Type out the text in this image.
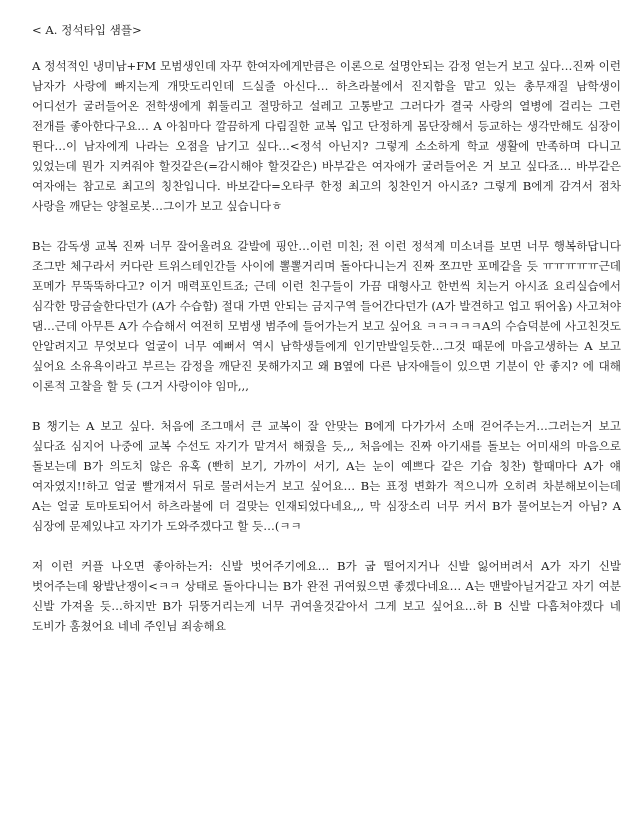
< A. 정석타입 샘플>

A 정석적인 냉미남+FM 모범생인데 자꾸 한여자에게만큼은 이론으로 설명안되는 감정 얻는거 보고 싶다…진짜 이런 남자가 사랑에 빠지는게 개맛도리인데 드실줄 아신다… 하츠라불에서 진지함을 맡고 있는 총무재질 남학생이 어디선가 굴러들어온 전학생에게 휘둘리고 절망하고 설레고 고통받고 그러다가 결국 사랑의 열병에 걸리는 그런 전개를 좋아한다구요… A 아침마다 깔끔하게 다림질한 교복 입고 단정하게 몸단장해서 등교하는 생각만해도 심장이 뛴다…이 남자에게 나라는 오점을 남기고 싶다…<정석 아닌지? 그렇게 소소하게 학교 생활에 만족하며 다니고 있었는데 뭔가 지켜줘야 할것같은(=감시해야 할것같은) 바부같은 여자애가 굴러들어온 거 보고 싶다죠… 바부같은 여자애는 참고로 최고의 칭찬입니다. 바보같다=오타쿠 한정 최고의 칭찬인거 아시죠? 그렇게 B에게 감겨서 점차 사랑을 깨닫는 양철로봇…그이가 보고 싶습니다ㅎ

B는 감독생 교복 진짜 너무 잘어울려요 갈발에 핑안…이런 미친; 전 이런 정석계 미소녀를 보면 너무 행복하답니다 조그만 체구라서 커다란 트위스테인간들 사이에 뽈뽈거리며 돌아다니는거 진짜 쪼끄만 포메같을 듯 ㅠㅠㅠㅠㅠ근데 포메가 무뚝뚝하다고? 이거 매력포인트죠; 근데 이런 친구들이 가끔 대형사고 한번씩 치는거 아시죠 요리실습에서 심각한 망금술한다던가 (A가 수습함) 절대 가면 안되는 금지구역 들어간다던가 (A가 발견하고 업고 뛰어옴) 사고쳐야 댐…근데 아무튼 A가 수습해서 여전히 모범생 범주에 들어가는거 보고 싶어요 ㅋㅋㅋㅋㅋA의 수습덕분에 사고친것도 안알려지고 무엇보다 얼굴이 너무 예뻐서 역시 남학생들에게 인기만발일듯한…그것 때문에 마음고생하는 A 보고 싶어요 소유욕이라고 부르는 감정을 깨닫진 못해가지고 왜 B옆에 다른 남자애들이 있으면 기분이 안 좋지? 에 대해 이론적 고찰을 할 듯 (그거 사랑이야 임마,,,

B 챙기는 A 보고 싶다. 처음에 조그매서 큰 교복이 잘 안맞는 B에게 다가가서 소매 걷어주는거…그러는거 보고 싶다죠 심지어 나중에 교복 수선도 자기가 맡겨서 해줬을 듯,,, 처음에는 진짜 아기새를 돌보는 어미새의 마음으로 돌보는데 B가 의도치 않은 유혹 (빤히 보기, 가까이 서기, A는 눈이 예쁘다 같은 기습 칭찬) 할때마다 A가 얘 여자였지!!하고 얼굴 빨개져서 뒤로 물러서는거 보고 싶어요… B는 표정 변화가 적으니까 오히려 차분해보이는데 A는 얼굴 토마토되어서 하츠라불에 더 걸맞는 인재되었다네요,,, 막 심장소리 너무 커서 B가 물어보는거 아님? A 심장에 문제있냐고 자기가 도와주겠다고 할 듯…(ㅋㅋ

저 이런 커플 나오면 좋아하는거: 신발 벗어주기에요… B가 굽 떨어지거나 신발 잃어버려서 A가 자기 신발 벗어주는데 왕발난쟁이<ㅋㅋ 상태로 돌아다니는 B가 완전 귀여웠으면 좋겠다네요… A는 맨발아닐거같고 자기 여분 신발 가져올 듯…하지만 B가 뒤뚱거리는게 너무 귀여울것같아서 그게 보고 싶어요…하 B 신발 다흠쳐야겠다 네 도비가 훔쳤어요 네네 주인님 죄송해요
